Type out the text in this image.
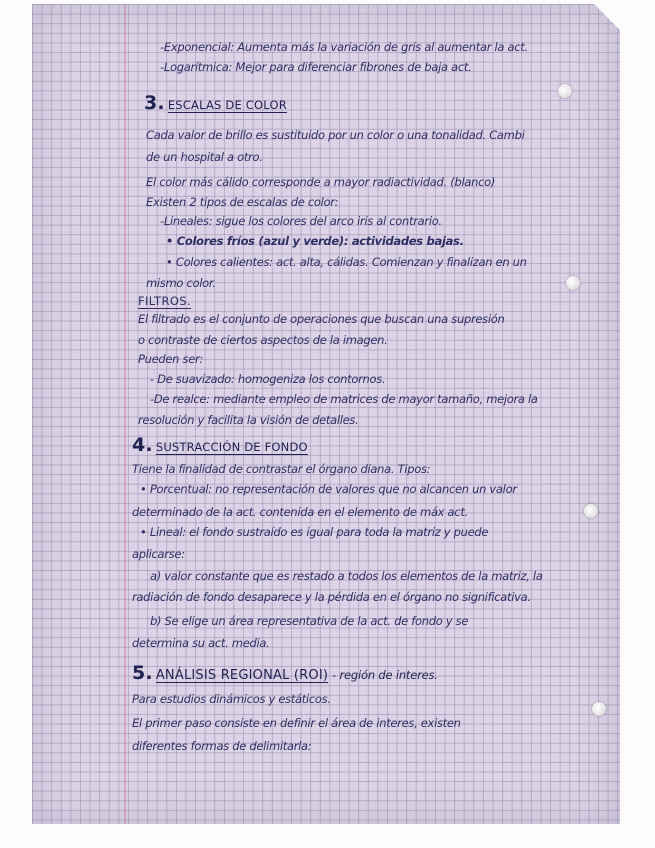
-Exponencial: Aumenta más la variación de gris al aumentar la act.

-Logarítmica: Mejor para diferenciar fibrones de baja act.

3. ESCALAS DE COLOR

Cada valor de brillo es sustituido por un color o una tonalidad. Cambi

de un hospital a otro.

El color más cálido corresponde a mayor radiactividad. (blanco)

Existen 2 tipos de escalas de color:

-Lineales: sigue los colores del arco iris al contrario.

• Colores fríos (azul y verde): actividades bajas.

• Colores calientes: act. alta, cálidas. Comienzan y finalizan en un

mismo color.

FILTROS.

El filtrado es el conjunto de operaciones que buscan una supresión

o contraste de ciertos aspectos de la imagen.

Pueden ser:

- De suavizado: homogeniza los contornos.

-De realce: mediante empleo de matrices de mayor tamaño, mejora la

resolución y facilita la visión de detalles.

4. SUSTRACCIÓN DE FONDO

Tiene la finalidad de contrastar el órgano diana. Tipos:

• Porcentual: no representación de valores que no alcancen un valor

determinado de la act. contenida en el elemento de máx act.

• Lineal: el fondo sustraído es igual para toda la matriz y puede

aplicarse:

a) valor constante que es restado a todos los elementos de la matriz, la

radiación de fondo desaparece y la pérdida en el órgano no significativa.

b) Se elige un área representativa de la act. de fondo y se

determina su act. media.

5. ANÁLISIS REGIONAL (ROI) - región de interes.

Para estudios dinámicos y estáticos.

El primer paso consiste en definir el área de interes, existen

diferentes formas de delimitarla:
